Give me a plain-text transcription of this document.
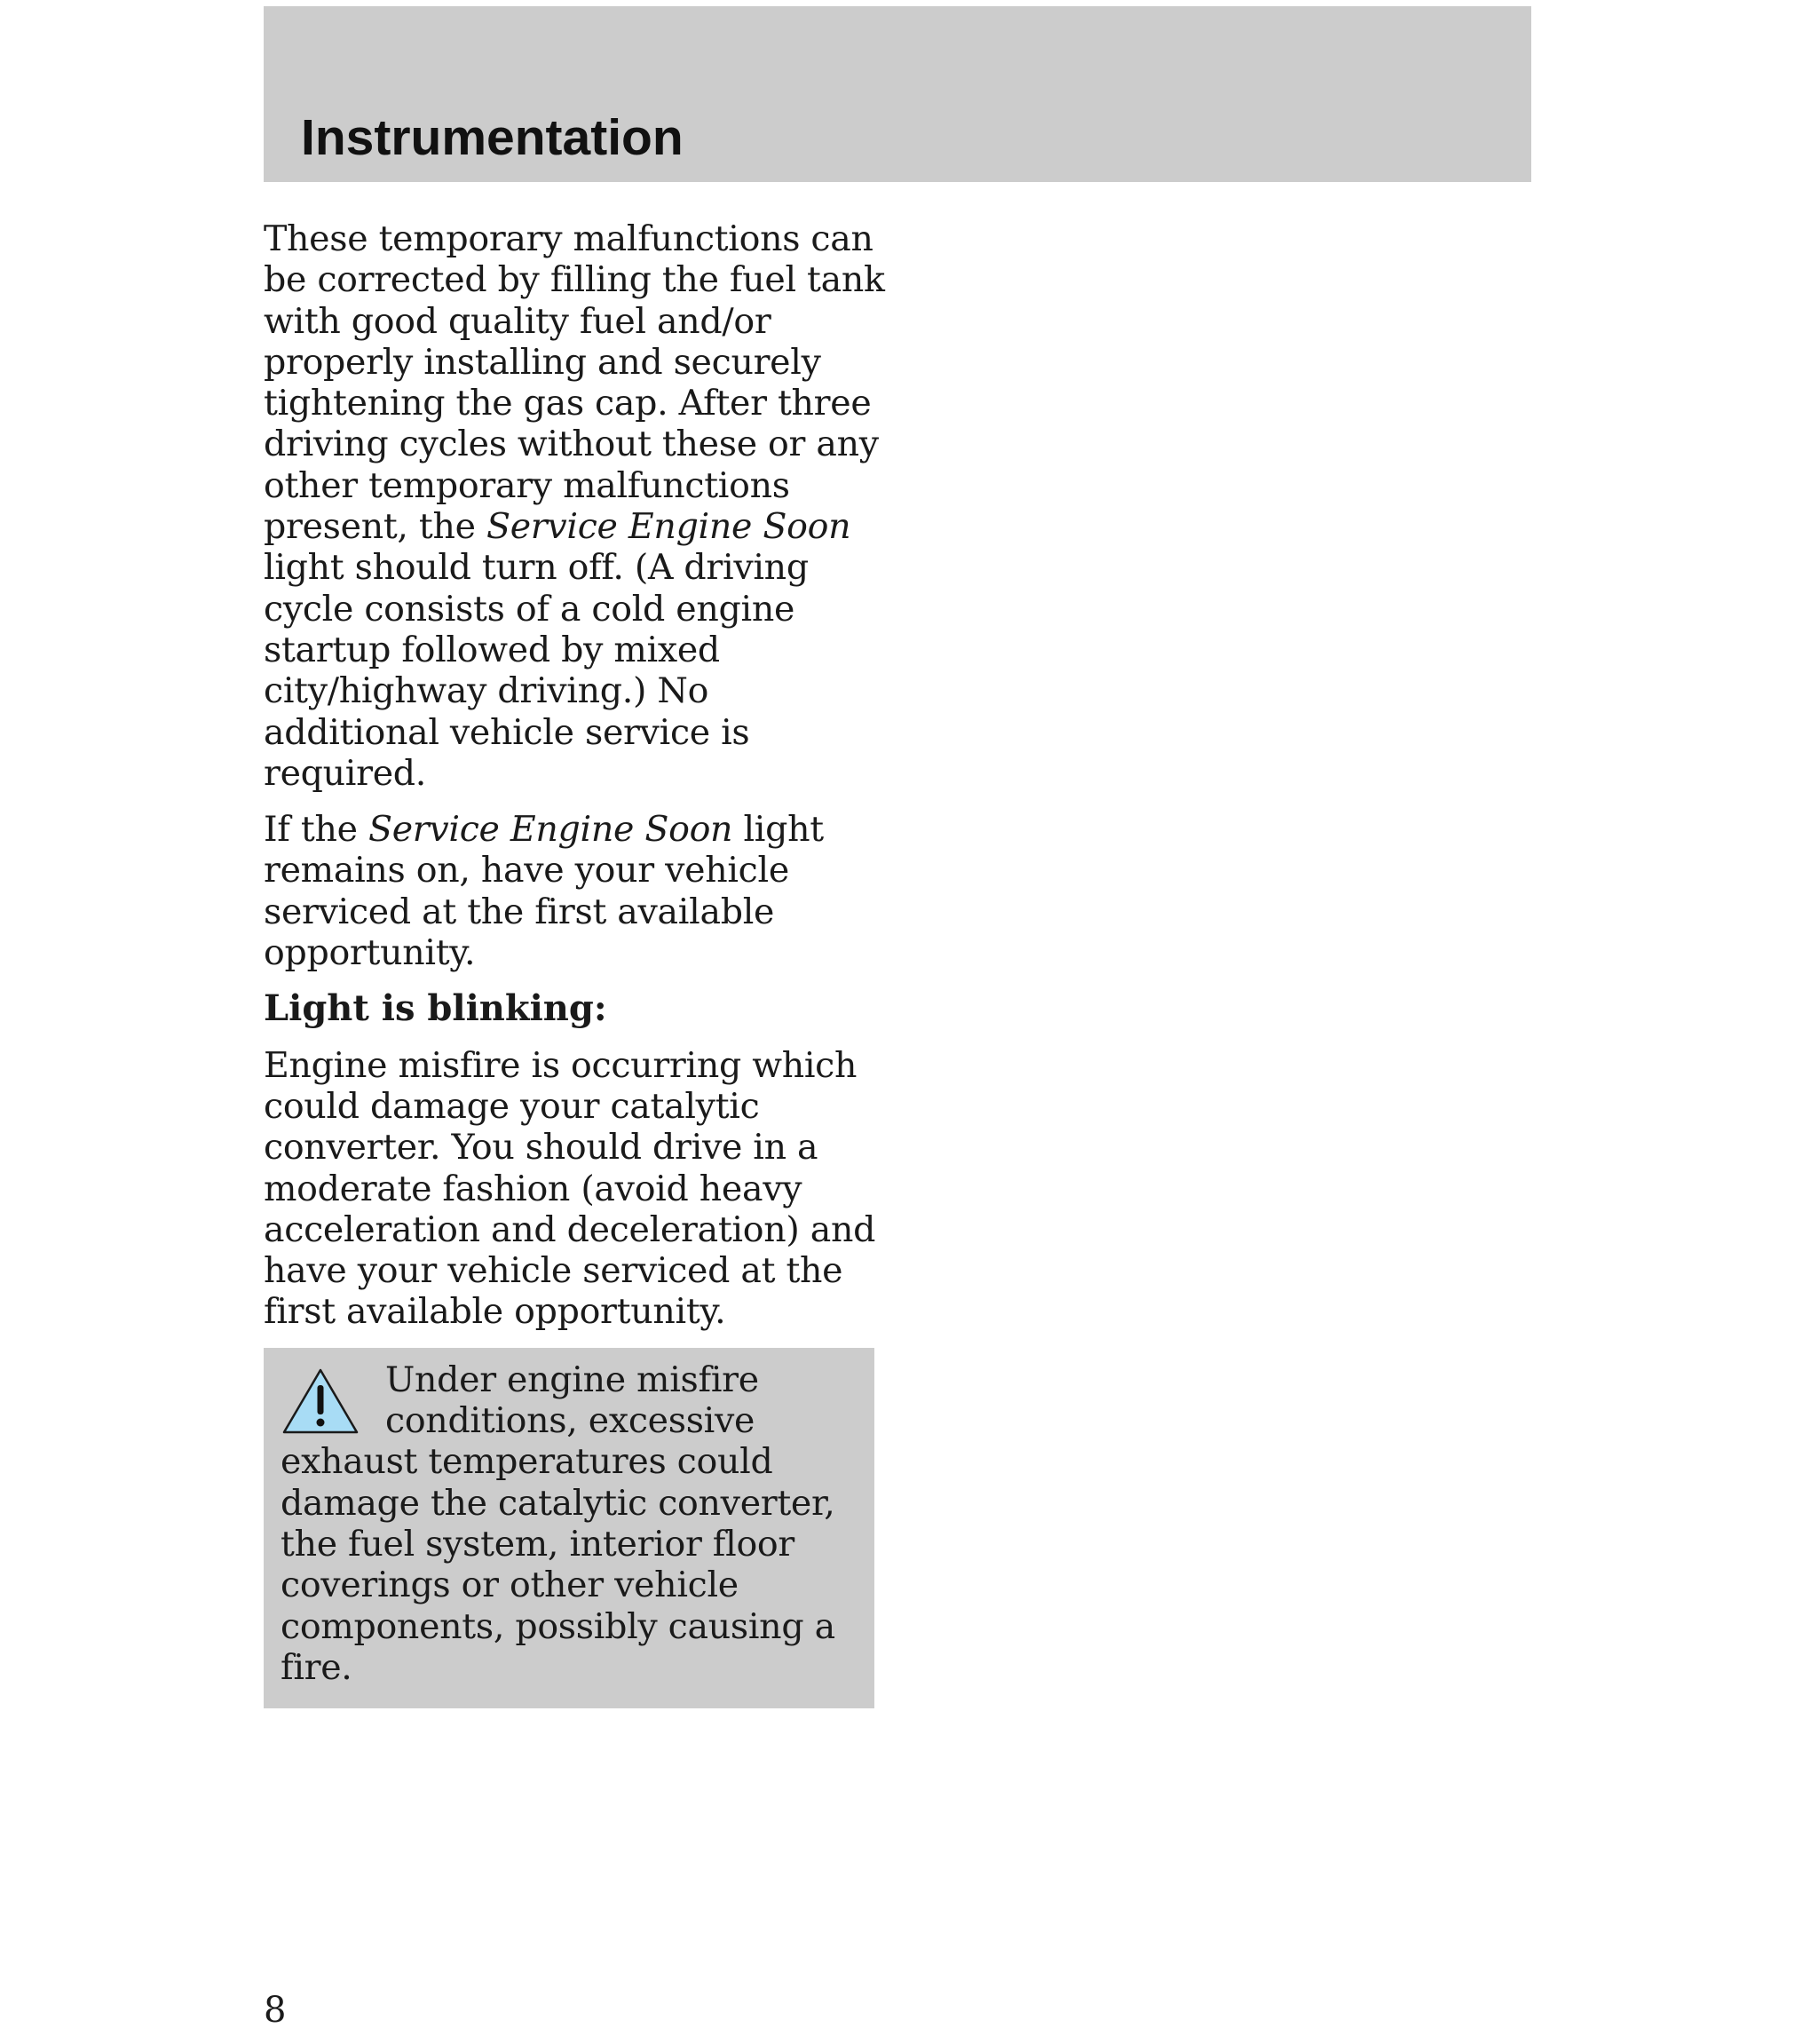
Instrumentation

These temporary malfunctions can
be corrected by filling the fuel tank
with good quality fuel and/or
properly installing and securely
tightening the gas cap. After three
driving cycles without these or any
other temporary malfunctions
present, the Service Engine Soon
light should turn off. (A driving
cycle consists of a cold engine
startup followed by mixed
city/highway driving.) No
additional vehicle service is
required.

If the Service Engine Soon light
remains on, have your vehicle
serviced at the first available
opportunity.

Light is blinking:

Engine misfire is occurring which
could damage your catalytic
converter. You should drive in a
moderate fashion (avoid heavy
acceleration and deceleration) and
have your vehicle serviced at the
first available opportunity.

Under engine misfire
conditions, excessive
exhaust temperatures could
damage the catalytic converter,
the fuel system, interior floor
coverings or other vehicle
components, possibly causing a
fire.

8
